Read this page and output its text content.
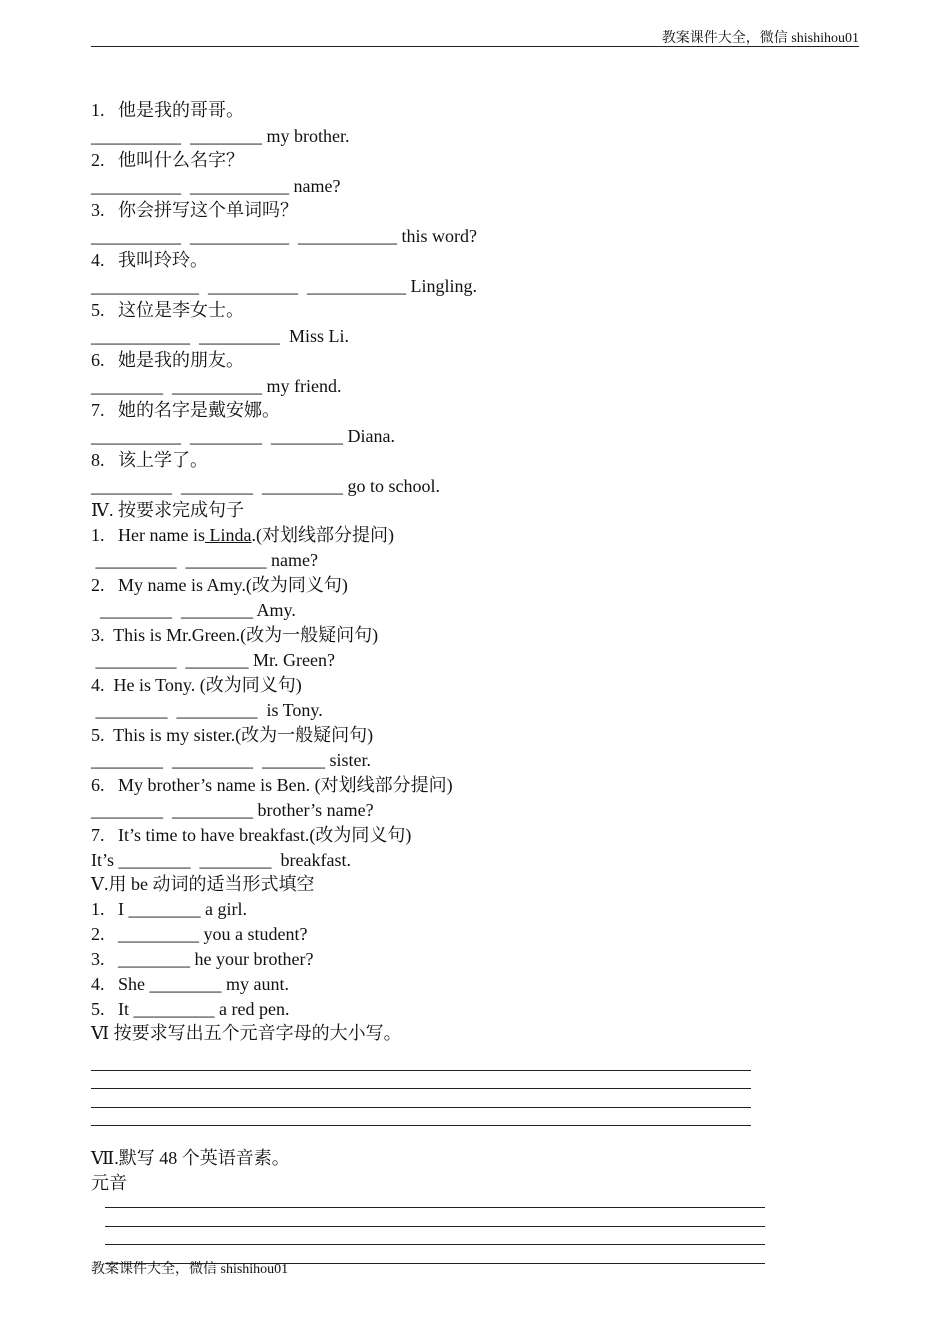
教案课件大全，微信 shishihou01
1.   他是我的哥哥。
__________  ________ my brother.
2.   他叫什么名字？
__________  ___________ name?
3.   你会拼写这个单词吗？
__________  ___________  ___________ this word?
4.   我叫玲玲。
____________  __________  ___________ Lingling.
5.   这位是李女士。
___________  _________  Miss Li.
6.   她是我的朋友。
________  __________ my friend.
7.   她的名字是戴安娜。
__________  ________  ________ Diana.
8.   该上学了。
_________  ________  _________ go to school.
Ⅳ. 按要求完成句子
1.   Her name is Linda.(对划线部分提问)
_________  _________ name?
2.   My name is Amy.(改为同义句)
________  ________ Amy.
3.  This is Mr.Green.(改为一般疑问句)
_________  _______ Mr. Green?
4.  He is Tony. (改为同义句)
________  _________  is Tony.
5.  This is my sister.(改为一般疑问句)
________  _________  _______ sister.
6.   My brother’s name is Ben. (对划线部分提问)
________  _________ brother’s name?
7.   It’s time to have breakfast.(改为同义句)
It’s ________  ________  breakfast.
Ⅴ.用 be 动词的适当形式填空
1.   I ________ a girl.
2.   _________ you a student?
3.   ________ he your brother?
4.   She ________ my aunt.
5.   It _________ a red pen.
Ⅵ 按要求写出五个元音字母的大小写。
Ⅶ.默写 48 个英语音素。
元音
教案课件大全，微信 shishihou01
